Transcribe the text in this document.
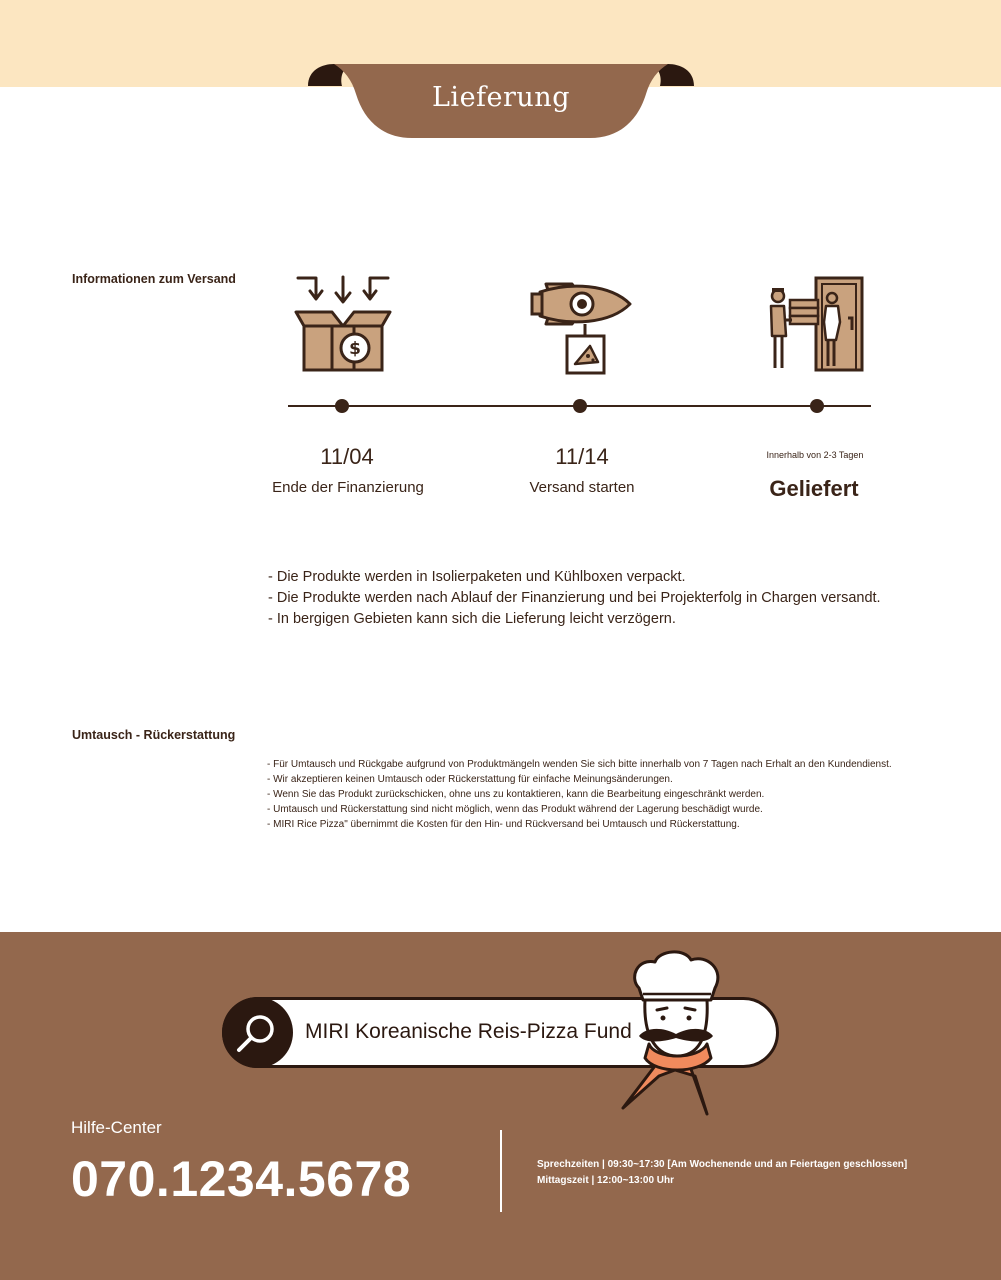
Lieferung
Informationen zum Versand
$
11/04
Ende der Finanzierung
11/14
Versand starten
Innerhalb von 2-3 Tagen
Geliefert
- Die Produkte werden in Isolierpaketen und Kühlboxen verpackt.
- Die Produkte werden nach Ablauf der Finanzierung und bei Projekterfolg in Chargen versandt.
- In bergigen Gebieten kann sich die Lieferung leicht verzögern.
Umtausch - Rückerstattung
- Für Umtausch und Rückgabe aufgrund von Produktmängeln wenden Sie sich bitte innerhalb von 7 Tagen nach Erhalt an den Kundendienst.
- Wir akzeptieren keinen Umtausch oder Rückerstattung für einfache Meinungsänderungen.
- Wenn Sie das Produkt zurückschicken, ohne uns zu kontaktieren, kann die Bearbeitung eingeschränkt werden.
- Umtausch und Rückerstattung sind nicht möglich, wenn das Produkt während der Lagerung beschädigt wurde.
- MIRI Rice Pizza" übernimmt die Kosten für den Hin- und Rückversand bei Umtausch und Rückerstattung.
MIRI Koreanische Reis-Pizza Fund
Hilfe-Center
070.1234.5678	Sprechzeiten | 09:30~17:30 [Am Wochenende und an Feiertagen geschlossen]
Mittagszeit | 12:00~13:00 Uhr
